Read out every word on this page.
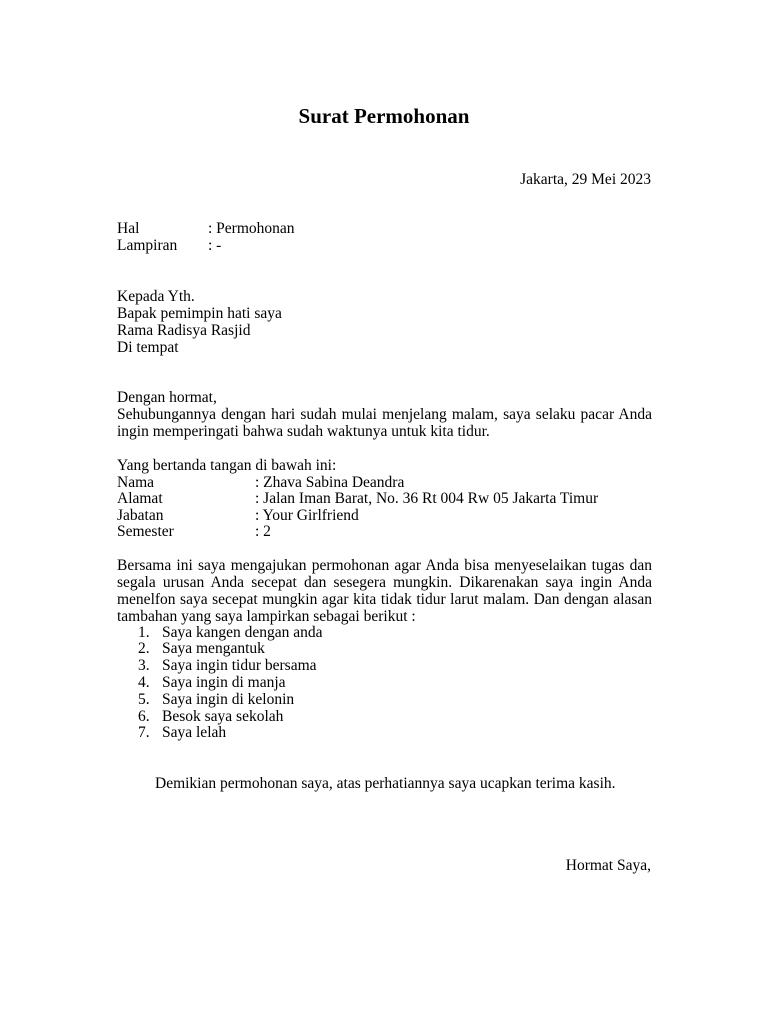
Surat Permohonan
Jakarta, 29 Mei 2023
Hal	: Permohonan
Lampiran : -
Kepada Yth.
Bapak pemimpin hati saya
Rama Radisya Rasjid
Di tempat
Dengan hormat,

Sehubungannya dengan hari sudah mulai menjelang malam, saya selaku pacar Anda
ingin memperingati bahwa sudah waktunya untuk kita tidur.

Yang bertanda tangan di bawah ini:
Nama	: Zhava Sabina Deandra
Alamat	: Jalan Iman Barat, No. 36 Rt 004 Rw 05 Jakarta Timur
Jabatan	: Your Girlfriend
Semester	: 2

Bersama ini saya mengajukan permohonan agar Anda bisa menyeselaikan tugas dan
segala urusan Anda secepat dan sesegera mungkin. Dikarenakan saya ingin Anda
menelfon saya secepat mungkin agar kita tidak tidur larut malam. Dan dengan alasan
tambahan yang saya lampirkan sebagai berikut :

1. Saya kangen dengan anda
2. Saya mengantuk
3. Saya ingin tidur bersama
4. Saya ingin di manja
5. Saya ingin di kelonin
6. Besok saya sekolah
7. Saya lelah
Demikian permohonan saya, atas perhatiannya saya ucapkan terima kasih.
Hormat Saya,
